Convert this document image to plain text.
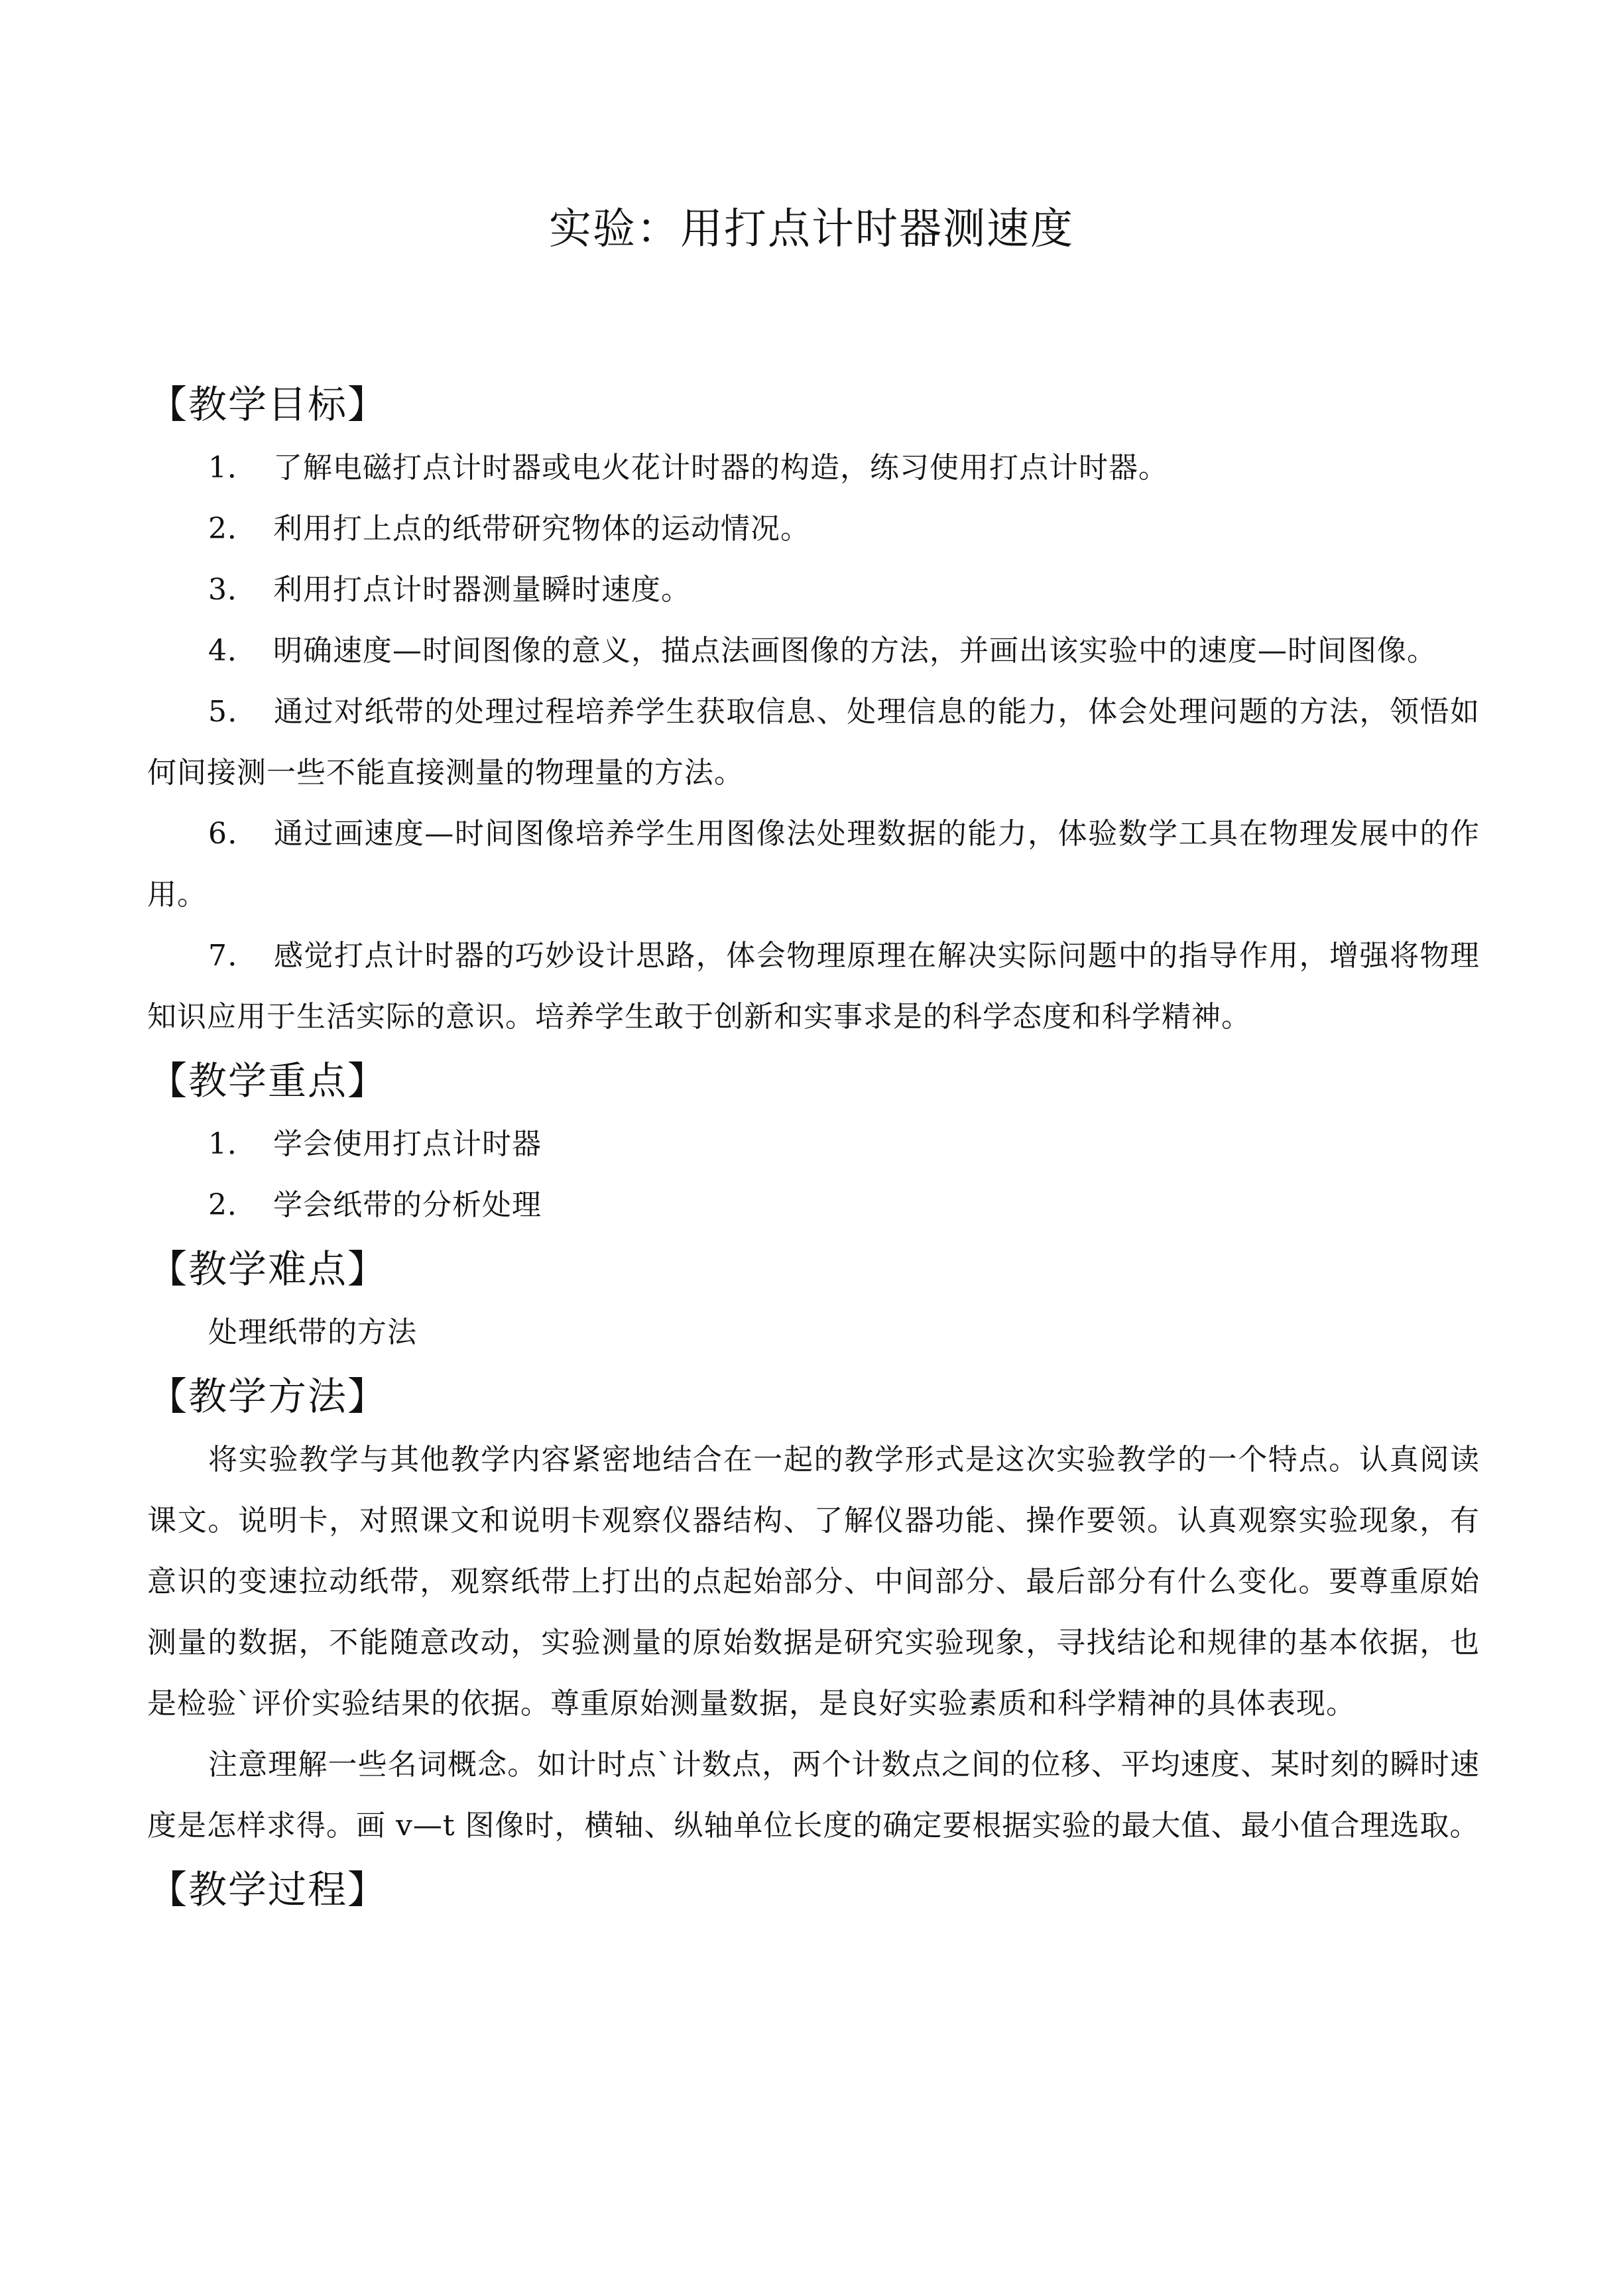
实验：用打点计时器测速度
【教学目标】

1． 了解电磁打点计时器或电火花计时器的构造，练习使用打点计时器。

2． 利用打上点的纸带研究物体的运动情况。

3． 利用打点计时器测量瞬时速度。

4． 明确速度—时间图像的意义，描点法画图像的方法，并画出该实验中的速度—时间图像。

5． 通过对纸带的处理过程培养学生获取信息、处理信息的能力，体会处理问题的方法，领悟如何间接测一些不能直接测量的物理量的方法。

6． 通过画速度—时间图像培养学生用图像法处理数据的能力，体验数学工具在物理发展中的作用。

7． 感觉打点计时器的巧妙设计思路，体会物理原理在解决实际问题中的指导作用，增强将物理知识应用于生活实际的意识。培养学生敢于创新和实事求是的科学态度和科学精神。

【教学重点】

1． 学会使用打点计时器

2． 学会纸带的分析处理

【教学难点】

处理纸带的方法

【教学方法】

将实验教学与其他教学内容紧密地结合在一起的教学形式是这次实验教学的一个特点。认真阅读课文。说明卡，对照课文和说明卡观察仪器结构、了解仪器功能、操作要领。认真观察实验现象，有意识的变速拉动纸带，观察纸带上打出的点起始部分、中间部分、最后部分有什么变化。要尊重原始测量的数据，不能随意改动，实验测量的原始数据是研究实验现象，寻找结论和规律的基本依据，也是检验`评价实验结果的依据。尊重原始测量数据，是良好实验素质和科学精神的具体表现。

注意理解一些名词概念。如计时点`计数点，两个计数点之间的位移、平均速度、某时刻的瞬时速度是怎样求得。画 v—t 图像时，横轴、纵轴单位长度的确定要根据实验的最大值、最小值合理选取。

【教学过程】
